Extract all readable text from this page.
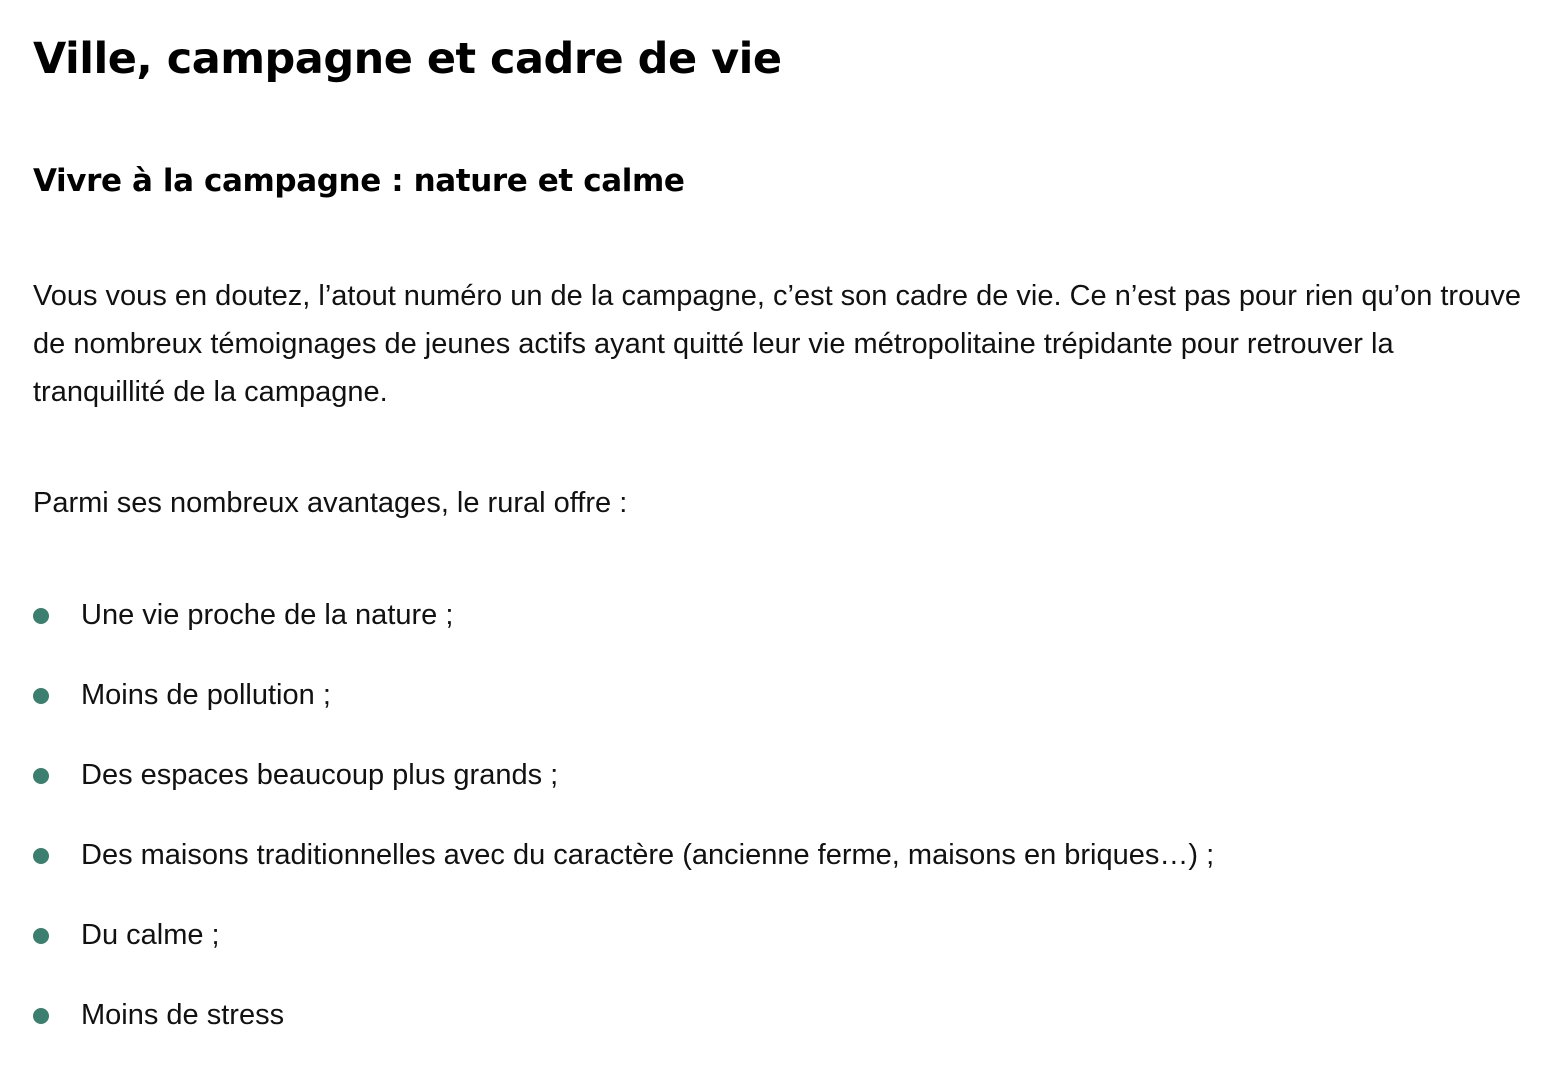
Ville, campagne et cadre de vie
Vivre à la campagne : nature et calme

Vous vous en doutez, l’atout numéro un de la campagne, c’est son cadre de vie. Ce n’est pas pour rien qu’on trouve de nombreux témoignages de jeunes actifs ayant quitté leur vie métropolitaine trépidante pour retrouver la tranquillité de la campagne.

Parmi ses nombreux avantages, le rural offre :

Une vie proche de la nature ;
Moins de pollution ;
Des espaces beaucoup plus grands ;
Des maisons traditionnelles avec du caractère (ancienne ferme, maisons en briques…) ;
Du calme ;
Moins de stress
